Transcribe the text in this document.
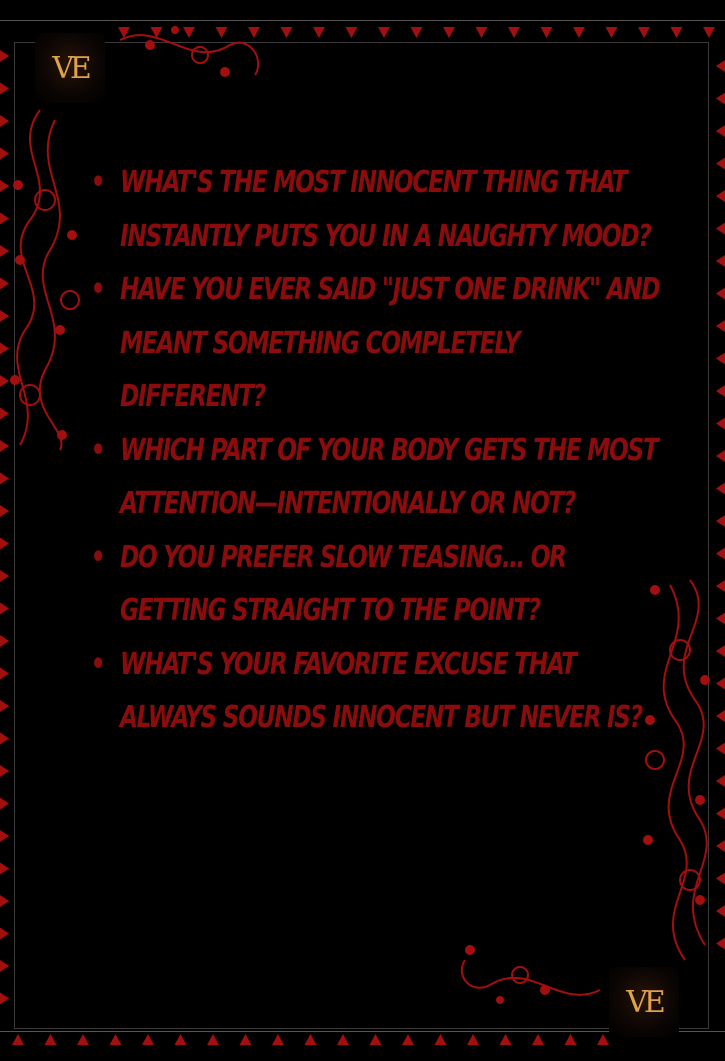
VE
VE
• WHAT'S THE MOST INNOCENT THING THAT INSTANTLY PUTS YOU IN A NAUGHTY MOOD?
• HAVE YOU EVER SAID "JUST ONE DRINK" AND MEANT SOMETHING COMPLETELY DIFFERENT?
• WHICH PART OF YOUR BODY GETS THE MOST ATTENTION—INTENTIONALLY OR NOT?
• DO YOU PREFER SLOW TEASING… OR GETTING STRAIGHT TO THE POINT?
• WHAT'S YOUR FAVORITE EXCUSE THAT ALWAYS SOUNDS INNOCENT BUT NEVER IS?
